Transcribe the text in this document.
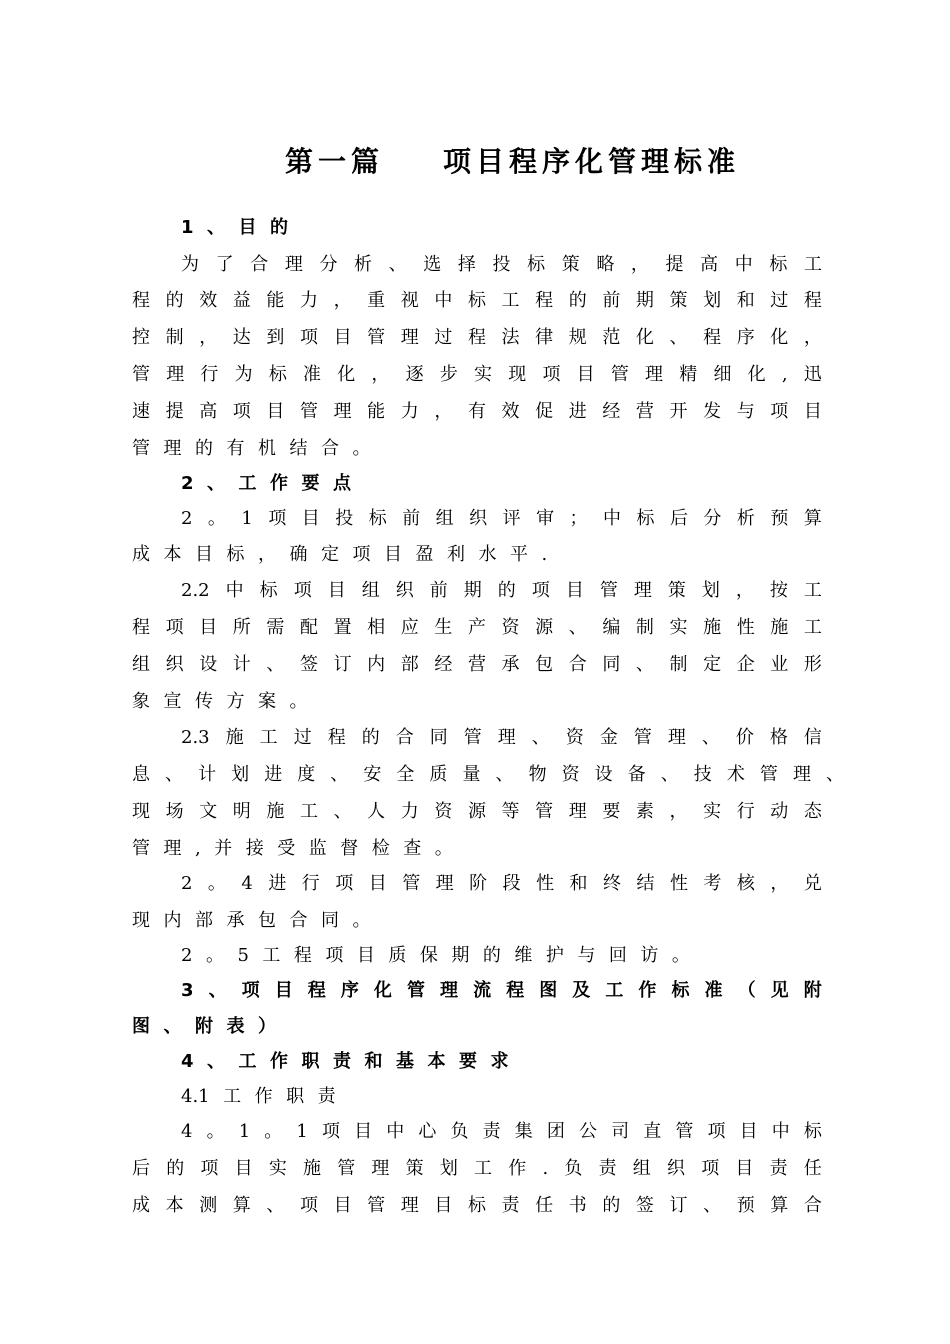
第一篇    项目程序化管理标准
1 、 目 的
为 了 合 理 分 析 、 选 择 投 标 策 略 ， 提 高 中 标 工
程 的 效 益 能 力 ， 重 视 中 标 工 程 的 前 期 策 划 和 过 程
控 制 ， 达 到 项 目 管 理 过 程 法 律 规 范 化 、 程 序 化 ，
管 理 行 为 标 准 化 ， 逐 步 实 现 项 目 管 理 精 细 化 , 迅
速 提 高 项 目 管 理 能 力 ， 有 效 促 进 经 营 开 发 与 项 目
管 理 的 有 机 结 合 。
2 、 工 作 要 点
2 。 1 项 目 投 标 前 组 织 评 审 ； 中 标 后 分 析 预 算
成 本 目 标 ， 确 定 项 目 盈 利 水 平 .
2.2 中 标 项 目 组 织 前 期 的 项 目 管 理 策 划 ， 按 工
程 项 目 所 需 配 置 相 应 生 产 资 源 、 编 制 实 施 性 施 工
组 织 设 计 、 签 订 内 部 经 营 承 包 合 同 、 制 定 企 业 形
象 宣 传 方 案 。
2.3 施 工 过 程 的 合 同 管 理 、 资 金 管 理 、 价 格 信
息 、 计 划 进 度 、 安 全 质 量 、 物 资 设 备 、 技 术 管 理 、
现 场 文 明 施 工 、 人 力 资 源 等 管 理 要 素 ， 实 行 动 态
管 理 , 并 接 受 监 督 检 查 。
2 。 4 进 行 项 目 管 理 阶 段 性 和 终 结 性 考 核 ， 兑
现 内 部 承 包 合 同 。
2 。 5 工 程 项 目 质 保 期 的 维 护 与 回 访 。
3 、 项 目 程 序 化 管 理 流 程 图 及 工 作 标 准 （ 见 附
图 、 附 表 ）
4 、 工 作 职 责 和 基 本 要 求
4.1 工 作 职 责
4 。 1 。 1 项 目 中 心 负 责 集 团 公 司 直 管 项 目 中 标
后 的 项 目 实 施 管 理 策 划 工 作 . 负 责 组 织 项 目 责 任
成 本 测 算 、 项 目 管 理 目 标 责 任 书 的 签 订 、 预 算 合
